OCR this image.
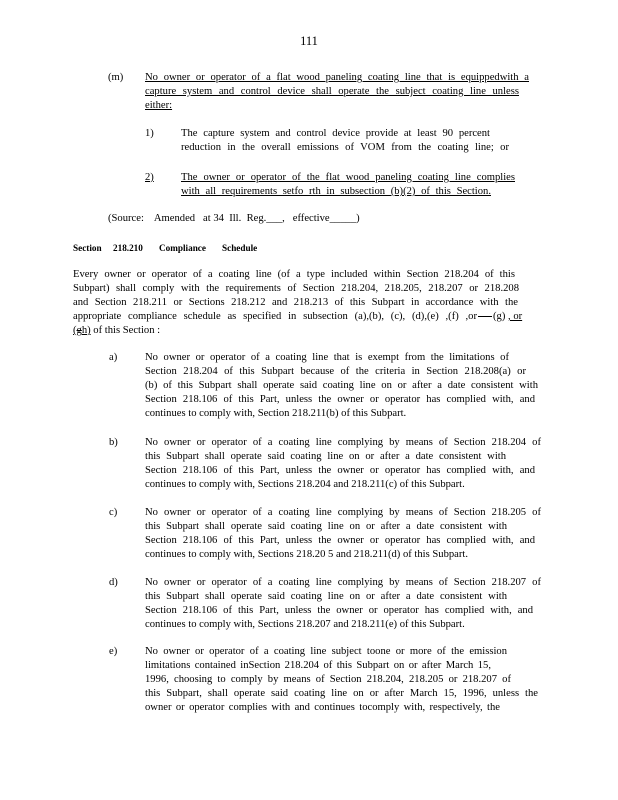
111
(m) No owner or operator of a flat wood paneling coating line that is equippedwith a
capture system and control device shall operate the subject coating line unless
either:
1)	The capture system and control device provide at least 90 percent
reduction in the overall emissions of VOM from the coating line; or
2)	The owner or operator of the flat wood paneling coating line complies
with all requirements setfo rth in subsection (b)(2) of this Section.
(Source:    Amended   at 34  Ill.  Reg.___,   effective_____)
Section 218.210 Compliance Schedule
Every owner or operator of a coating line (of a type included within Section 218.204 of this
Subpart) shall comply with the requirements of Section 218.204, 218.205, 218.207 or 218.208
and Section 218.211 or Sections 218.212 and 218.213 of this Subpart in accordance with the
appropriate compliance schedule as specified in subsection (a),(b), (c), (d),(e) ,(f) ,or (g) , or
(gh) of this Section :
a)	No owner or operator of a coating line that is exempt from the limitations of
Section 218.204 of this Subpart because of the criteria in Section 218.208(a) or
(b) of this Subpart shall operate said coating line on or after a date consistent with
Section 218.106 of this Part, unless the owner or operator has complied with, and
continues to comply with, Section 218.211(b) of this Subpart.
b)	No owner or operator of a coating line complying by means of Section 218.204 of
this Subpart shall operate said coating line on or after a date consistent with
Section 218.106 of this Part, unless the owner or operator has complied with, and
continues to comply with, Sections 218.204 and 218.211(c) of this Subpart.
c)	No owner or operator of a coating line complying by means of Section 218.205 of
this Subpart shall operate said coating line on or after a date consistent with
Section 218.106 of this Part, unless the owner or operator has complied with, and
continues to comply with, Sections 218.20 5 and 218.211(d) of this Subpart.
d)	No owner or operator of a coating line complying by means of Section 218.207 of
this Subpart shall operate said coating line on or after a date consistent with
Section 218.106 of this Part, unless the owner or operator has complied with, and
continues to comply with, Sections 218.207 and 218.211(e) of this Subpart.
e)	No owner or operator of a coating line subject toone or more of the emission
limitations contained inSection 218.204 of this Subpart on or after March 15,
1996, choosing to comply by means of Section 218.204, 218.205 or 218.207 of
this Subpart, shall operate said coating line on or after March 15, 1996, unless the
owner or operator complies with and continues tocomply with, respectively, the
